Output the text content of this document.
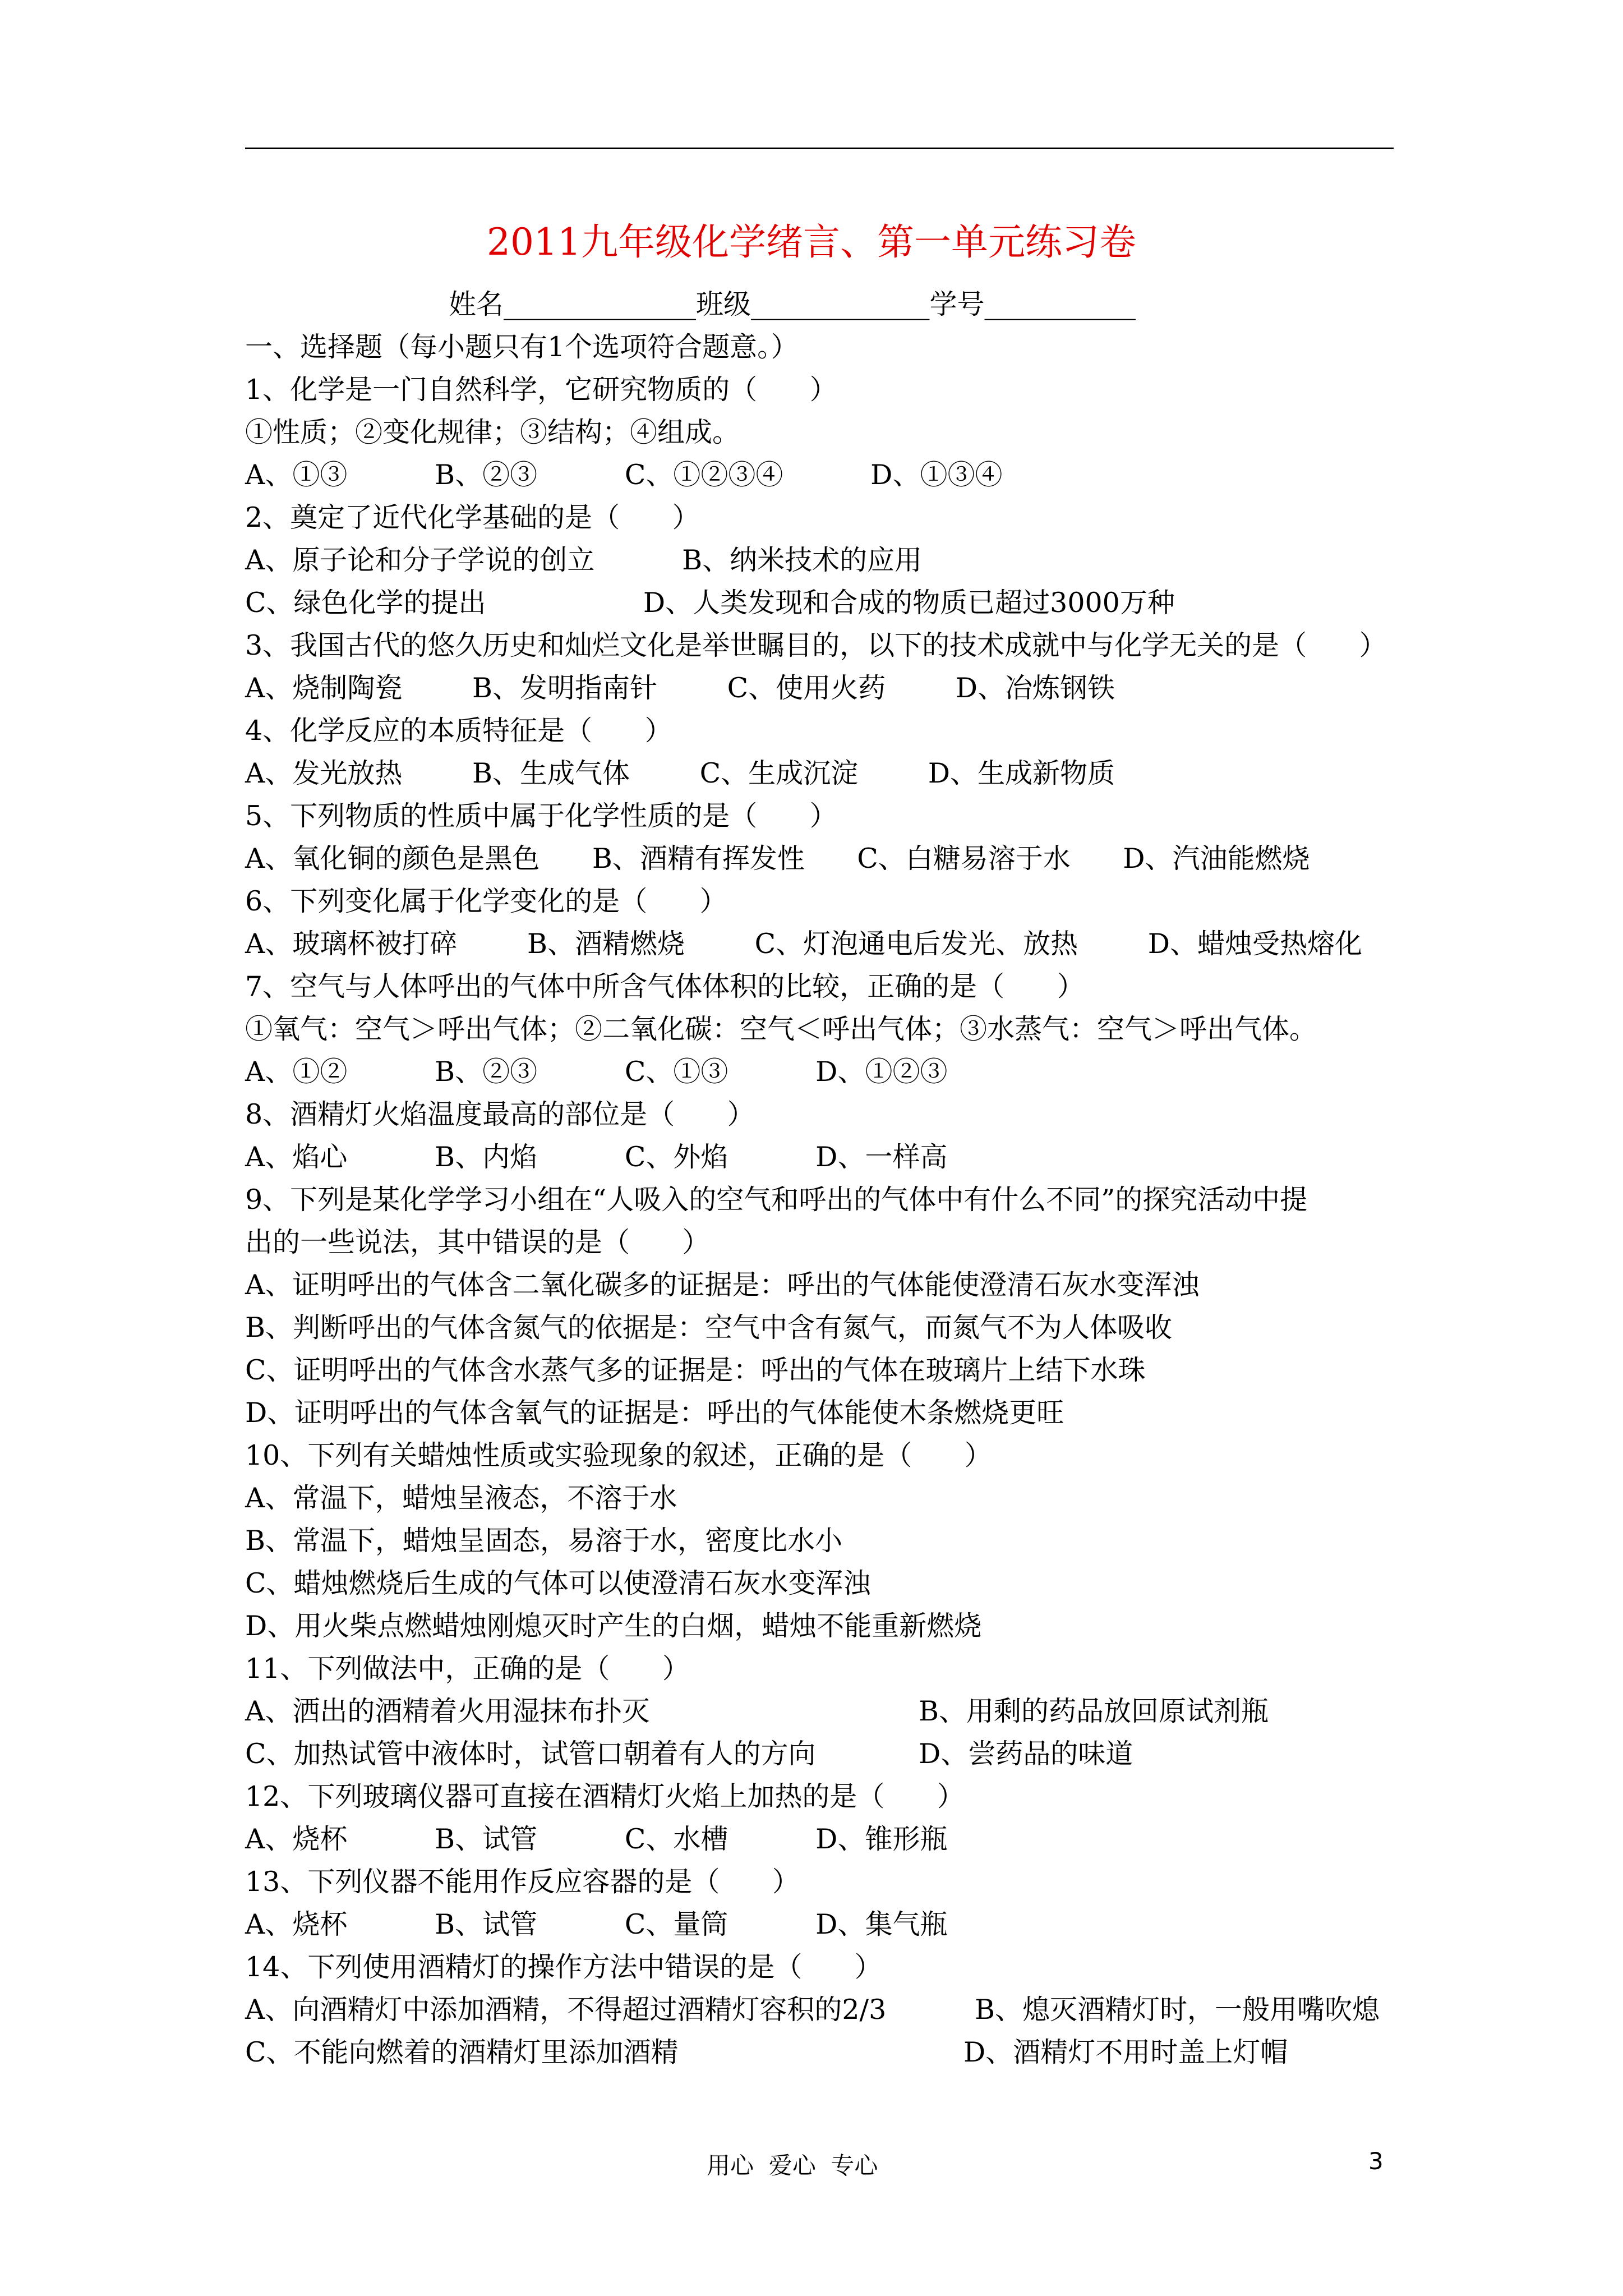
2011九年级化学绪言、第一单元练习卷
姓名______________班级_____________学号___________
一、选择题（每小题只有1个选项符合题意。）
1、化学是一门自然科学，它研究物质的（      ）
①性质；②变化规律；③结构；④组成。
A、①③          B、②③          C、①②③④          D、①③④
2、奠定了近代化学基础的是（      ）
A、原子论和分子学说的创立          B、纳米技术的应用
C、绿色化学的提出                  D、人类发现和合成的物质已超过3000万种
3、我国古代的悠久历史和灿烂文化是举世瞩目的，以下的技术成就中与化学无关的是（      ）
A、烧制陶瓷        B、发明指南针        C、使用火药        D、冶炼钢铁
4、化学反应的本质特征是（      ）
A、发光放热        B、生成气体        C、生成沉淀        D、生成新物质
5、下列物质的性质中属于化学性质的是（      ）
A、氧化铜的颜色是黑色      B、酒精有挥发性      C、白糖易溶于水      D、汽油能燃烧
6、下列变化属于化学变化的是（      ）
A、玻璃杯被打碎        B、酒精燃烧        C、灯泡通电后发光、放热        D、蜡烛受热熔化
7、空气与人体呼出的气体中所含气体体积的比较，正确的是（      ）
①氧气：空气＞呼出气体；②二氧化碳：空气＜呼出气体；③水蒸气：空气＞呼出气体。
A、①②          B、②③          C、①③          D、①②③
8、酒精灯火焰温度最高的部位是（      ）
A、焰心          B、内焰          C、外焰          D、一样高
9、下列是某化学学习小组在“人吸入的空气和呼出的气体中有什么不同”的探究活动中提
出的一些说法，其中错误的是（      ）
A、证明呼出的气体含二氧化碳多的证据是：呼出的气体能使澄清石灰水变浑浊
B、判断呼出的气体含氮气的依据是：空气中含有氮气，而氮气不为人体吸收
C、证明呼出的气体含水蒸气多的证据是：呼出的气体在玻璃片上结下水珠
D、证明呼出的气体含氧气的证据是：呼出的气体能使木条燃烧更旺
10、下列有关蜡烛性质或实验现象的叙述，正确的是（      ）
A、常温下，蜡烛呈液态，不溶于水
B、常温下，蜡烛呈固态，易溶于水，密度比水小
C、蜡烛燃烧后生成的气体可以使澄清石灰水变浑浊
D、用火柴点燃蜡烛刚熄灭时产生的白烟，蜡烛不能重新燃烧
11、下列做法中，正确的是（      ）
A、洒出的酒精着火用湿抹布扑灭	B、用剩的药品放回原试剂瓶
C、加热试管中液体时，试管口朝着有人的方向	D、尝药品的味道
12、下列玻璃仪器可直接在酒精灯火焰上加热的是（      ）
A、烧杯          B、试管          C、水槽          D、锥形瓶
13、下列仪器不能用作反应容器的是（      ）
A、烧杯          B、试管          C、量筒          D、集气瓶
14、下列使用酒精灯的操作方法中错误的是（      ）
A、向酒精灯中添加酒精，不得超过酒精灯容积的2/3	B、熄灭酒精灯时，一般用嘴吹熄
C、不能向燃着的酒精灯里添加酒精	D、酒精灯不用时盖上灯帽
用心  爱心  专心	3
